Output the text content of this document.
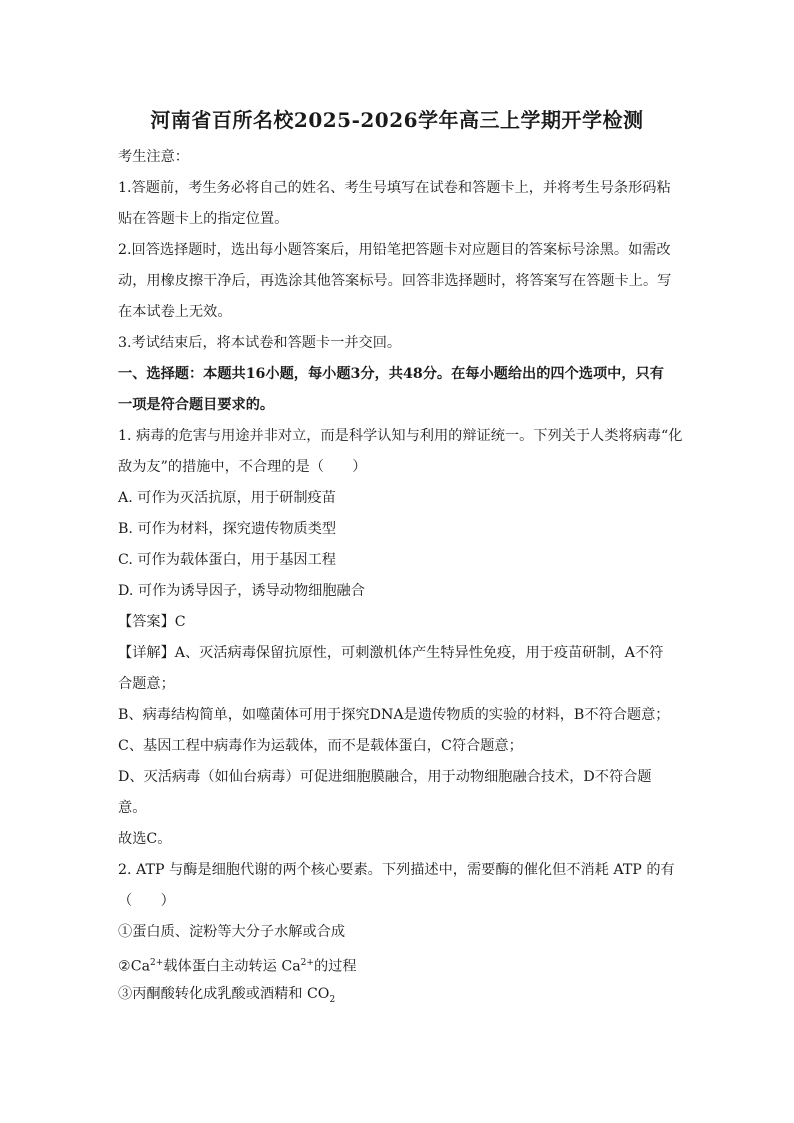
河南省百所名校2025-2026学年高三上学期开学检测
考生注意：
1.答题前，考生务必将自己的姓名、考生号填写在试卷和答题卡上，并将考生号条形码粘
贴在答题卡上的指定位置。
2.回答选择题时，选出每小题答案后，用铅笔把答题卡对应题目的答案标号涂黑。如需改
动，用橡皮擦干净后，再选涂其他答案标号。回答非选择题时，将答案写在答题卡上。写
在本试卷上无效。
3.考试结束后，将本试卷和答题卡一并交回。
一、选择题：本题共16小题，每小题3分，共48分。在每小题给出的四个选项中，只有
一项是符合题目要求的。
1. 病毒的危害与用途并非对立，而是科学认知与利用的辩证统一。下列关于人类将病毒“化
敌为友”的措施中，不合理的是（　　）
A. 可作为灭活抗原，用于研制疫苗
B. 可作为材料，探究遗传物质类型
C. 可作为载体蛋白，用于基因工程
D. 可作为诱导因子，诱导动物细胞融合
【答案】C
【详解】A、灭活病毒保留抗原性，可刺激机体产生特异性免疫，用于疫苗研制，A不符
合题意；
B、病毒结构简单，如噬菌体可用于探究DNA是遗传物质的实验的材料，B不符合题意；
C、基因工程中病毒作为运载体，而不是载体蛋白，C符合题意；
D、灭活病毒（如仙台病毒）可促进细胞膜融合，用于动物细胞融合技术，D不符合题
意。
故选C。
2. ATP 与酶是细胞代谢的两个核心要素。下列描述中，需要酶的催化但不消耗 ATP 的有
（　　）
①蛋白质、淀粉等大分子水解或合成
$②Ca^{2+}$载体蛋白主动转运 $Ca^{2+}$的过程
③丙酮酸转化成乳酸或酒精和 $CO_2$
